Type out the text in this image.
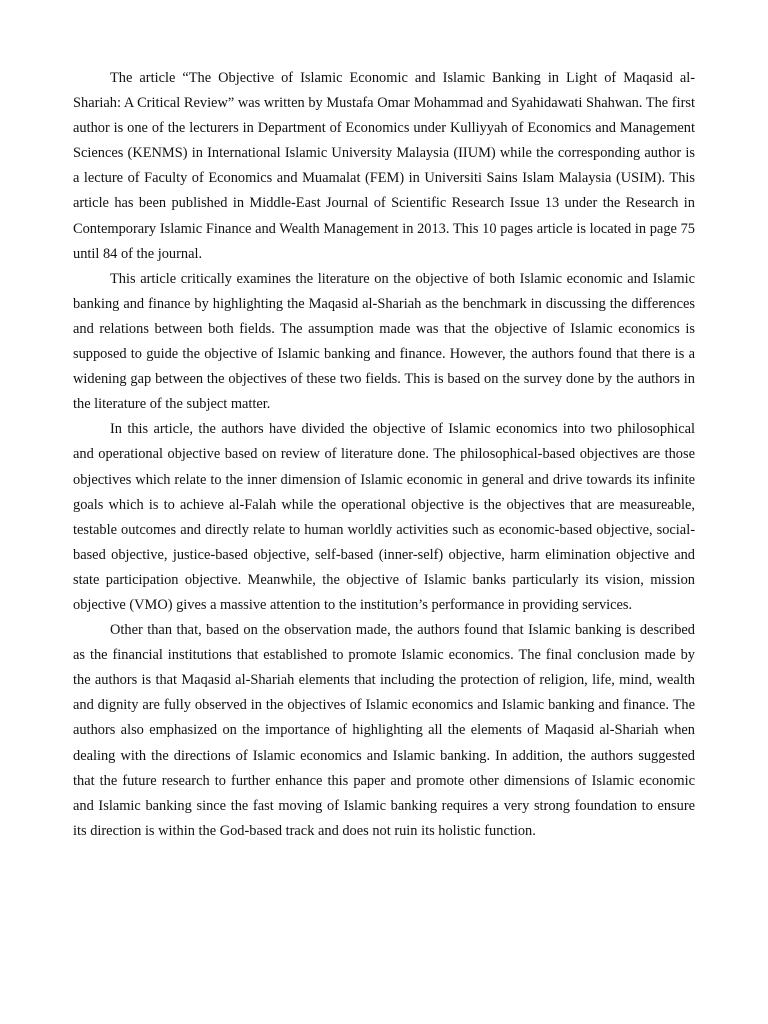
The article “The Objective of Islamic Economic and Islamic Banking in Light of Maqasid al-Shariah: A Critical Review” was written by Mustafa Omar Mohammad and Syahidawati Shahwan. The first author is one of the lecturers in Department of Economics under Kulliyyah of Economics and Management Sciences (KENMS) in International Islamic University Malaysia (IIUM) while the corresponding author is a lecture of Faculty of Economics and Muamalat (FEM) in Universiti Sains Islam Malaysia (USIM). This article has been published in Middle-East Journal of Scientific Research Issue 13 under the Research in Contemporary Islamic Finance and Wealth Management in 2013. This 10 pages article is located in page 75 until 84 of the journal.

This article critically examines the literature on the objective of both Islamic economic and Islamic banking and finance by highlighting the Maqasid al-Shariah as the benchmark in discussing the differences and relations between both fields. The assumption made was that the objective of Islamic economics is supposed to guide the objective of Islamic banking and finance. However, the authors found that there is a widening gap between the objectives of these two fields. This is based on the survey done by the authors in the literature of the subject matter.

In this article, the authors have divided the objective of Islamic economics into two philosophical and operational objective based on review of literature done. The philosophical-based objectives are those objectives which relate to the inner dimension of Islamic economic in general and drive towards its infinite goals which is to achieve al-Falah while the operational objective is the objectives that are measureable, testable outcomes and directly relate to human worldly activities such as economic-based objective, social-based objective, justice-based objective, self-based (inner-self) objective, harm elimination objective and state participation objective. Meanwhile, the objective of Islamic banks particularly its vision, mission objective (VMO) gives a massive attention to the institution’s performance in providing services.

Other than that, based on the observation made, the authors found that Islamic banking is described as the financial institutions that established to promote Islamic economics. The final conclusion made by the authors is that Maqasid al-Shariah elements that including the protection of religion, life, mind, wealth and dignity are fully observed in the objectives of Islamic economics and Islamic banking and finance. The authors also emphasized on the importance of highlighting all the elements of Maqasid al-Shariah when dealing with the directions of Islamic economics and Islamic banking. In addition, the authors suggested that the future research to further enhance this paper and promote other dimensions of Islamic economic and Islamic banking since the fast moving of Islamic banking requires a very strong foundation to ensure its direction is within the God-based track and does not ruin its holistic function.
